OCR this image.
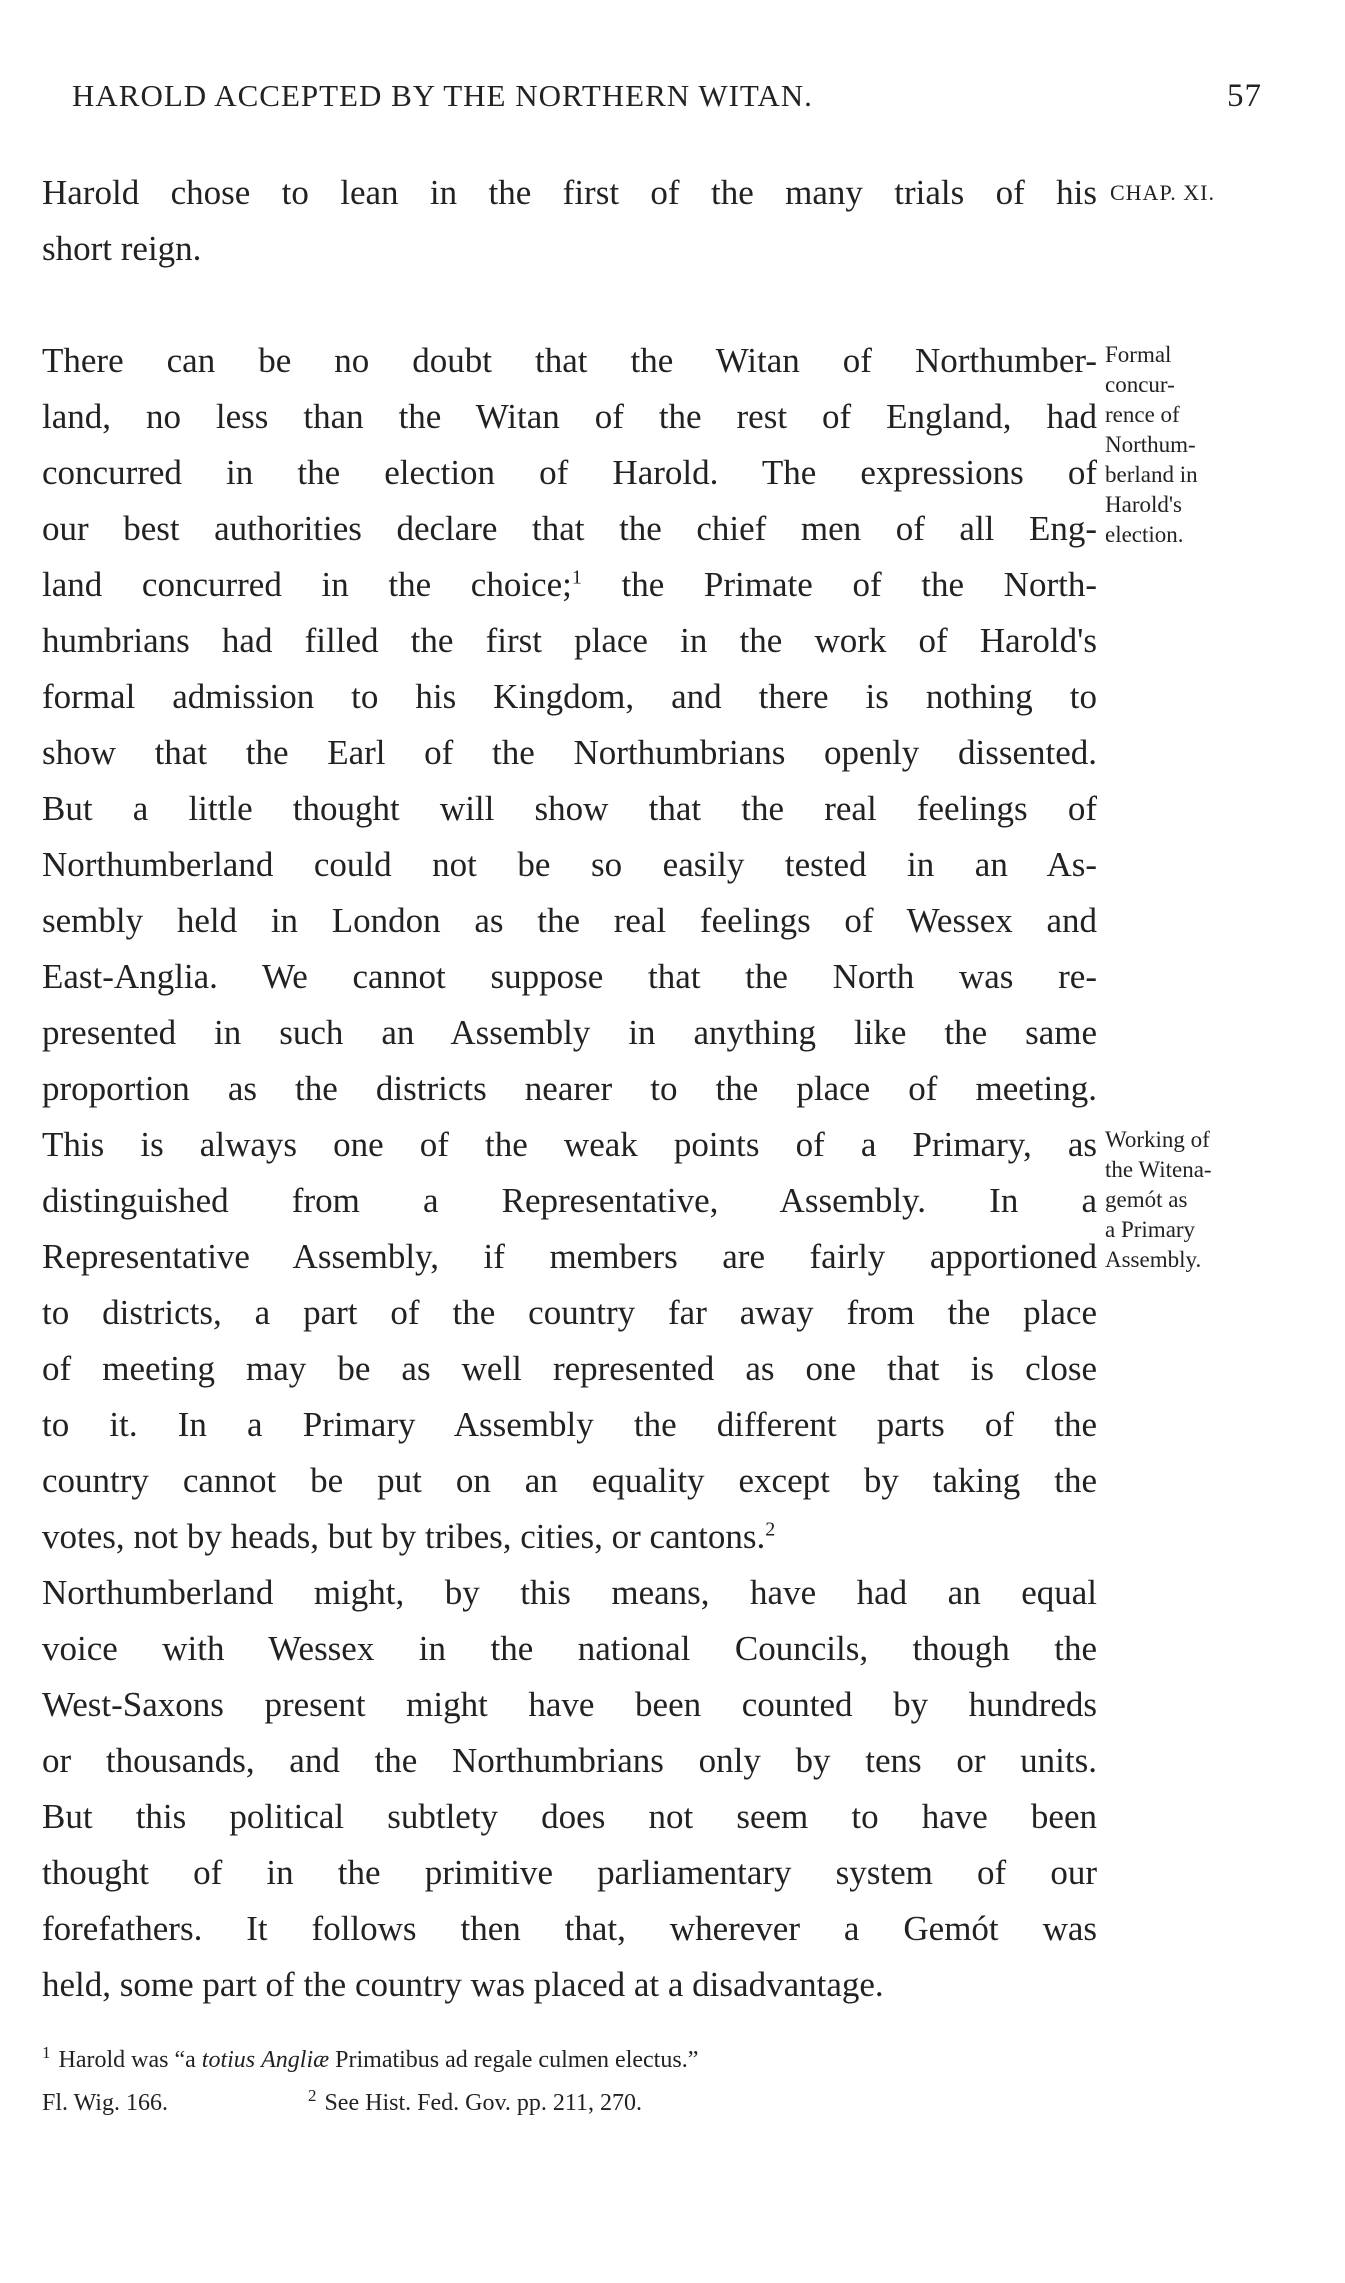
HAROLD ACCEPTED BY THE NORTHERN WITAN.	57
CHAP. XI.
Harold chose to lean in the first of the many trials of his
short reign.
Formal
concur-
rence of
Northum-
berland in
Harold's
election.
Working of
the Witena-
gemót as
a Primary
Assembly.
There can be no doubt that the Witan of Northumber-
land, no less than the Witan of the rest of England, had
concurred in the election of Harold. The expressions of
our best authorities declare that the chief men of all Eng-
land concurred in the choice;$^1$ the Primate of the North-
humbrians had filled the first place in the work of Harold's
formal admission to his Kingdom, and there is nothing to
show that the Earl of the Northumbrians openly dissented.
But a little thought will show that the real feelings of
Northumberland could not be so easily tested in an As-
sembly held in London as the real feelings of Wessex and
East-Anglia. We cannot suppose that the North was re-
presented in such an Assembly in anything like the same
proportion as the districts nearer to the place of meeting.
This is always one of the weak points of a Primary, as
distinguished from a Representative, Assembly. In a
Representative Assembly, if members are fairly apportioned
to districts, a part of the country far away from the place
of meeting may be as well represented as one that is close
to it. In a Primary Assembly the different parts of the
country cannot be put on an equality except by taking the
votes, not by heads, but by tribes, cities, or cantons.$^2$
Northumberland might, by this means, have had an equal
voice with Wessex in the national Councils, though the
West-Saxons present might have been counted by hundreds
or thousands, and the Northumbrians only by tens or units.
But this political subtlety does not seem to have been
thought of in the primitive parliamentary system of our
forefathers. It follows then that, wherever a Gemót was
held, some part of the country was placed at a disadvantage.
$^1$ Harold was “a totius Angliæ Primatibus ad regale culmen electus.”
Fl. Wig. 166.	$^2$ See Hist. Fed. Gov. pp. 211, 270.
